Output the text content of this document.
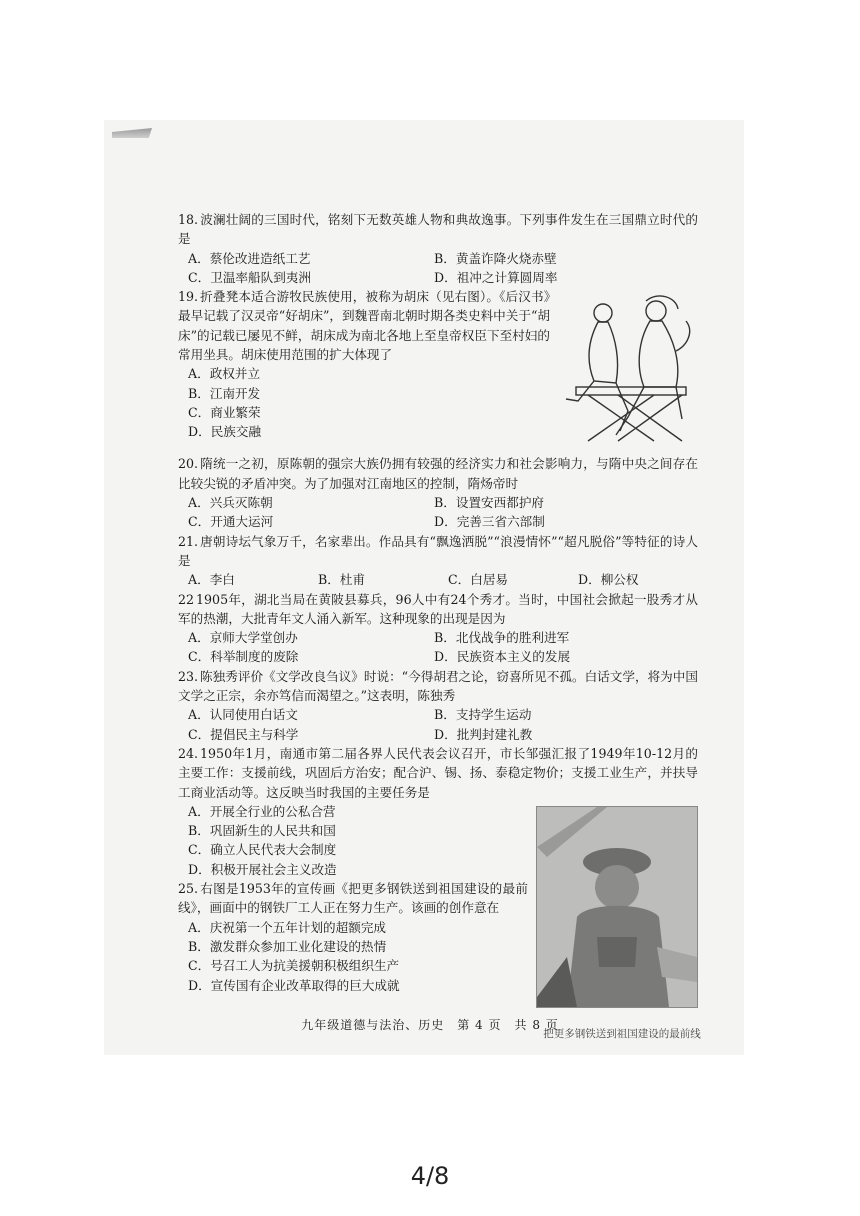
18. 波澜壮阔的三国时代，铭刻下无数英雄人物和典故逸事。下列事件发生在三国鼎立时代的是
A．蔡伦改进造纸工艺	B．黄盖诈降火烧赤壁
C．卫温率船队到夷洲	D．祖冲之计算圆周率
19. 折叠凳本适合游牧民族使用，被称为胡床（见右图）。《后汉书》最早记载了汉灵帝“好胡床”，到魏晋南北朝时期各类史料中关于“胡床”的记载已屡见不鲜，胡床成为南北各地上至皇帝权臣下至村妇的常用坐具。胡床使用范围的扩大体现了
A．政权并立
B．江南开发
C．商业繁荣
D．民族交融
20. 隋统一之初，原陈朝的强宗大族仍拥有较强的经济实力和社会影响力，与隋中央之间存在比较尖锐的矛盾冲突。为了加强对江南地区的控制，隋炀帝时
A．兴兵灭陈朝	B．设置安西都护府
C．开通大运河	D．完善三省六部制
21. 唐朝诗坛气象万千，名家辈出。作品具有“飘逸洒脱”“浪漫情怀”“超凡脱俗”等特征的诗人是
A．李白	B．杜甫	C．白居易	D．柳公权
22 1905年，湖北当局在黄陂县募兵，96人中有24个秀才。当时，中国社会掀起一股秀才从军的热潮，大批青年文人涌入新军。这种现象的出现是因为
A．京师大学堂创办	B．北伐战争的胜利进军
C．科举制度的废除	D．民族资本主义的发展
23. 陈独秀评价《文学改良刍议》时说：“今得胡君之论，窃喜所见不孤。白话文学，将为中国文学之正宗，余亦笃信而渴望之。”这表明，陈独秀
A．认同使用白话文	B．支持学生运动
C．提倡民主与科学	D．批判封建礼教
24. 1950年1月，南通市第二届各界人民代表会议召开，市长邹强汇报了1949年10-12月的主要工作：支援前线，巩固后方治安；配合沪、锡、扬、泰稳定物价；支援工业生产，并扶导工商业活动等。这反映当时我国的主要任务是
把更多钢铁送到祖国建设的最前线
A．开展全行业的公私合营
B．巩固新生的人民共和国
C．确立人民代表大会制度
D．积极开展社会主义改造
25. 右图是1953年的宣传画《把更多钢铁送到祖国建设的最前线》，画面中的钢铁厂工人正在努力生产。该画的创作意在
A．庆祝第一个五年计划的超额完成
B．激发群众参加工业化建设的热情
C．号召工人为抗美援朝积极组织生产
D．宣传国有企业改革取得的巨大成就
九年级道德与法治、历史　第 4 页　共 8 页
4/8
